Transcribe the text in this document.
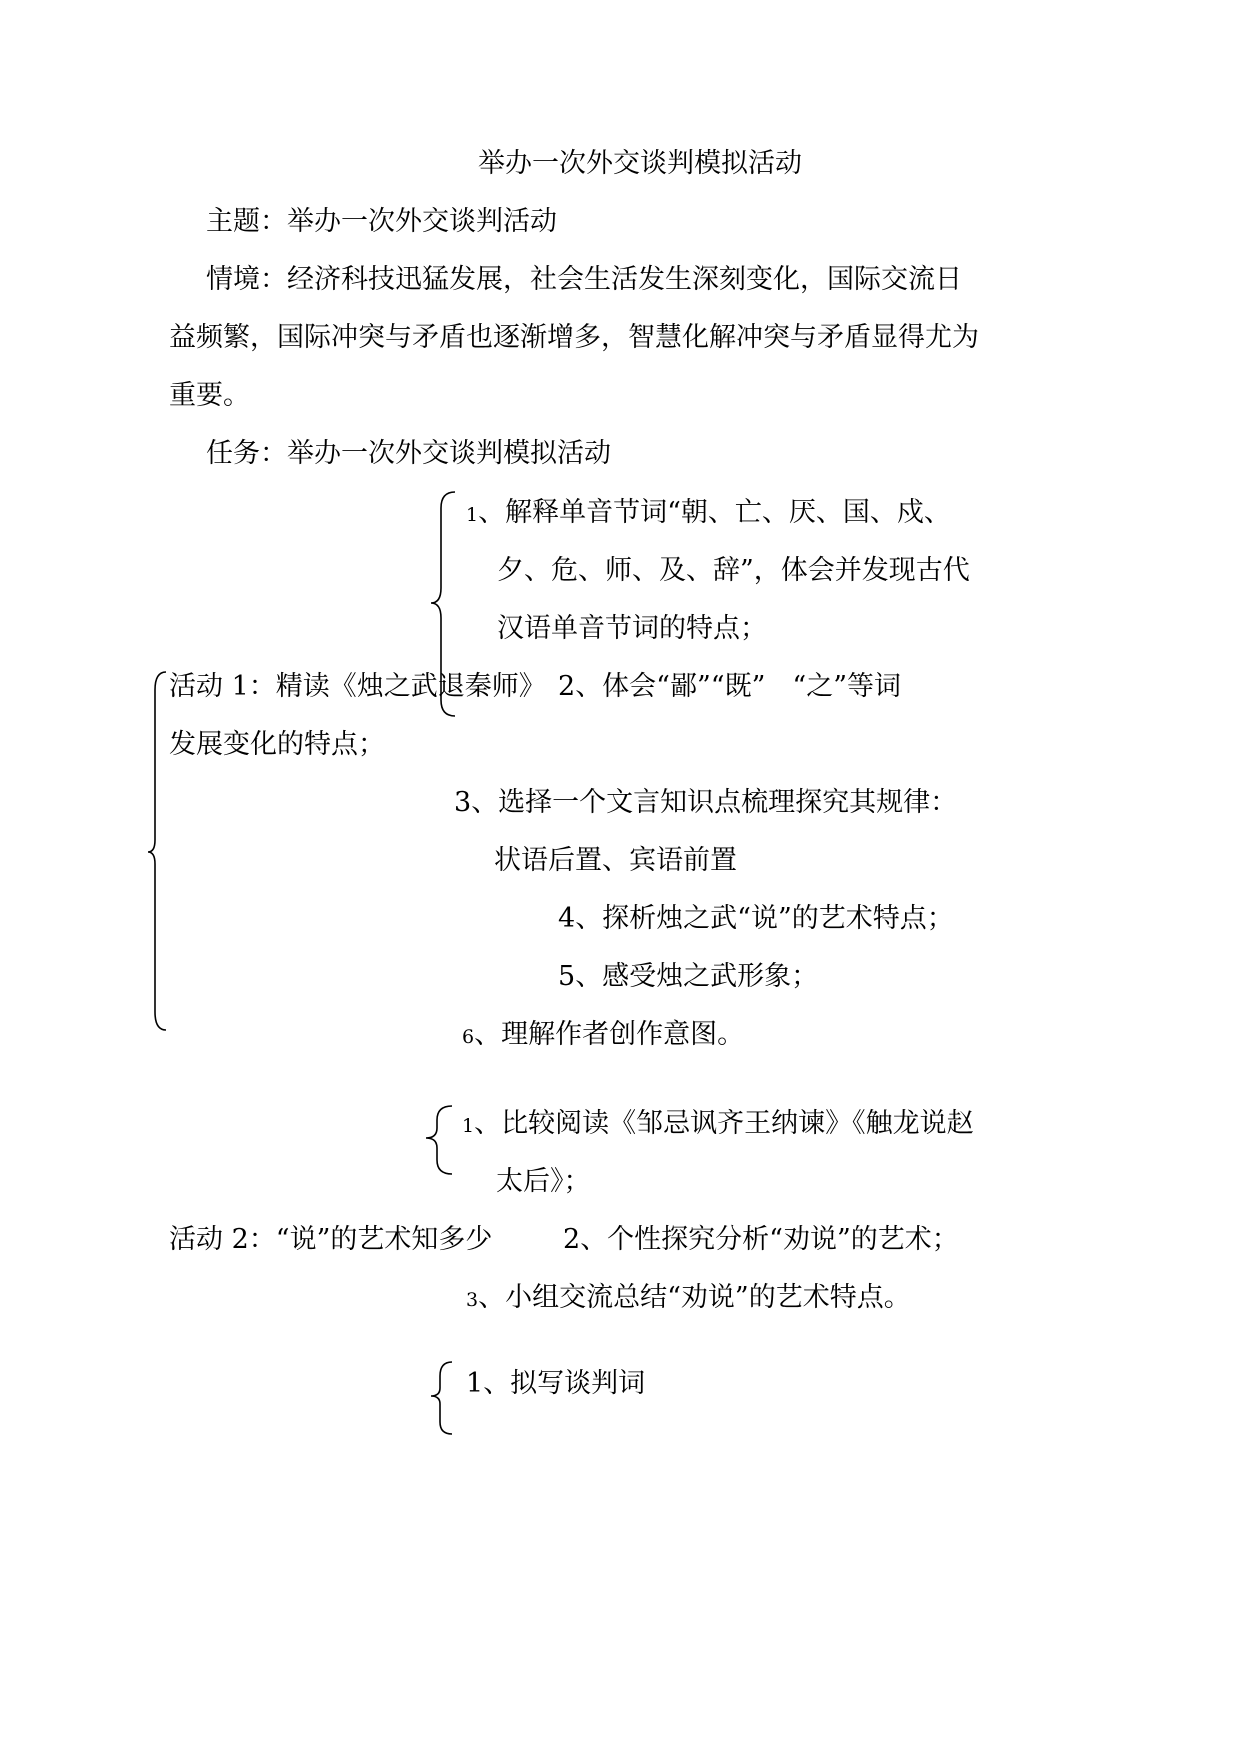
举办一次外交谈判模拟活动
主题：举办一次外交谈判活动
情境：经济科技迅猛发展，社会生活发生深刻变化，国际交流日
益频繁，国际冲突与矛盾也逐渐增多，智慧化解冲突与矛盾显得尤为
重要。
任务：举办一次外交谈判模拟活动
1、解释单音节词“朝、亡、厌、国、戍、
夕、危、师、及、辞”，体会并发现古代
汉语单音节词的特点；
活动 1：精读《烛之武退秦师》 2、体会“鄙”“既”　“之”等词
发展变化的特点；
3、选择一个文言知识点梳理探究其规律：
状语后置、宾语前置
4、探析烛之武“说”的艺术特点；
5、感受烛之武形象；
6、理解作者创作意图。
1、比较阅读《邹忌讽齐王纳谏》《触龙说赵
太后》；
活动 2：“说”的艺术知多少	2、个性探究分析“劝说”的艺术；
3、小组交流总结“劝说”的艺术特点。
1、拟写谈判词
